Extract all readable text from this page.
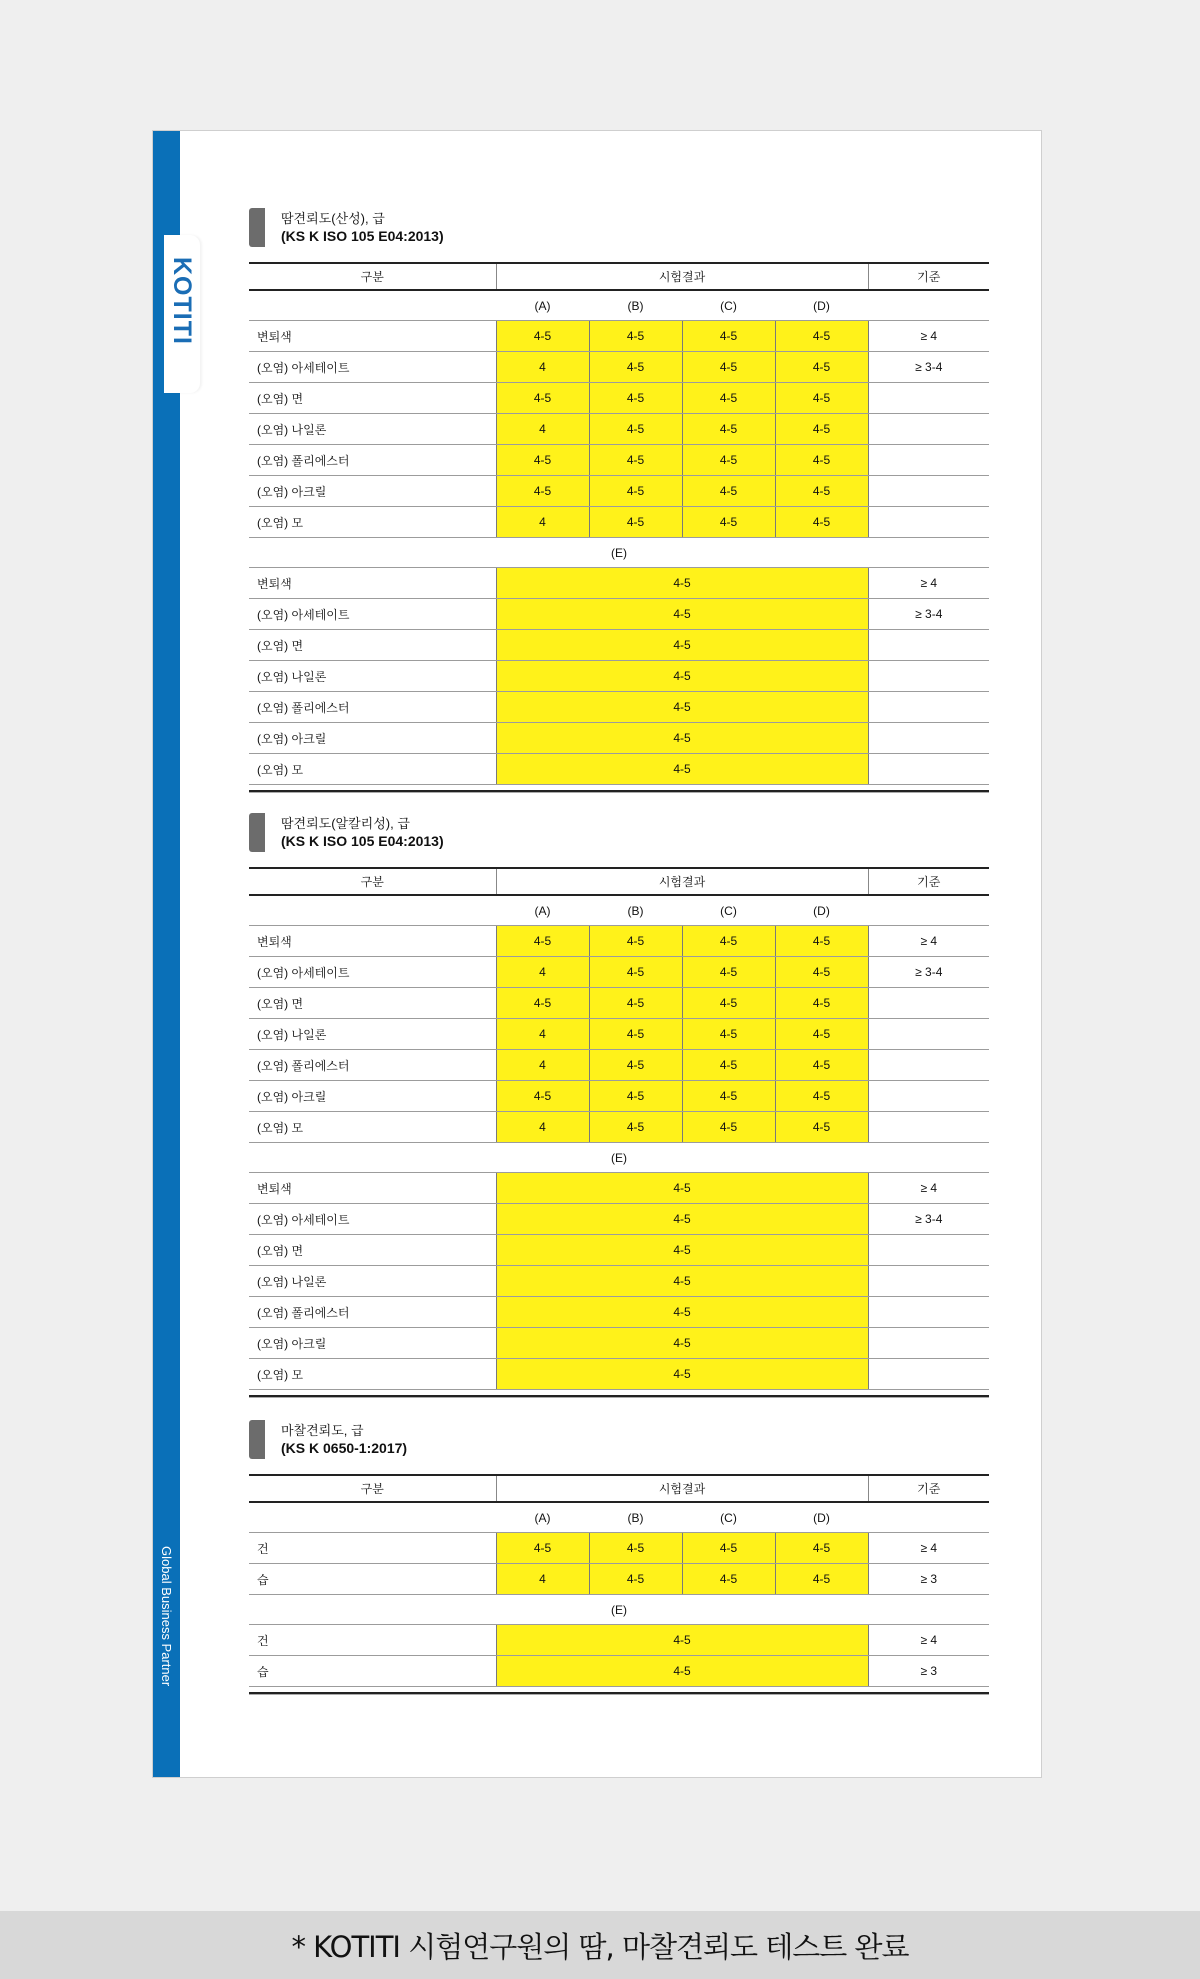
Global Business Partner
KOTITI
땀견뢰도(산성), 급
(KS K ISO 105 E04:2013)
구분	시험결과				기준
	(A)	(B)	(C)	(D)	
변퇴색	4-5	4-5	4-5	4-5	≥ 4
(오염) 아세테이트	4	4-5	4-5	4-5	≥ 3-4
(오염) 면	4-5	4-5	4-5	4-5	
(오염) 나일론	4	4-5	4-5	4-5	
(오염) 폴리에스터	4-5	4-5	4-5	4-5	
(오염) 아크릴	4-5	4-5	4-5	4-5	
(오염) 모	4	4-5	4-5	4-5	
(E)					
변퇴색	4-5				≥ 4
(오염) 아세테이트	4-5				≥ 3-4
(오염) 면	4-5				
(오염) 나일론	4-5				
(오염) 폴리에스터	4-5				
(오염) 아크릴	4-5				
(오염) 모	4-5				
땀견뢰도(알칼리성), 급
(KS K ISO 105 E04:2013)
구분	시험결과				기준
	(A)	(B)	(C)	(D)	
변퇴색	4-5	4-5	4-5	4-5	≥ 4
(오염) 아세테이트	4	4-5	4-5	4-5	≥ 3-4
(오염) 면	4-5	4-5	4-5	4-5	
(오염) 나일론	4	4-5	4-5	4-5	
(오염) 폴리에스터	4	4-5	4-5	4-5	
(오염) 아크릴	4-5	4-5	4-5	4-5	
(오염) 모	4	4-5	4-5	4-5	
(E)					
변퇴색	4-5				≥ 4
(오염) 아세테이트	4-5				≥ 3-4
(오염) 면	4-5				
(오염) 나일론	4-5				
(오염) 폴리에스터	4-5				
(오염) 아크릴	4-5				
(오염) 모	4-5				
마찰견뢰도, 급
(KS K 0650-1:2017)
구분	시험결과				기준
	(A)	(B)	(C)	(D)	
건	4-5	4-5	4-5	4-5	≥ 4
습	4	4-5	4-5	4-5	≥ 3
(E)					
건	4-5				≥ 4
습	4-5				≥ 3
* KOTITI 시험연구원의 땀, 마찰견뢰도 테스트 완료
